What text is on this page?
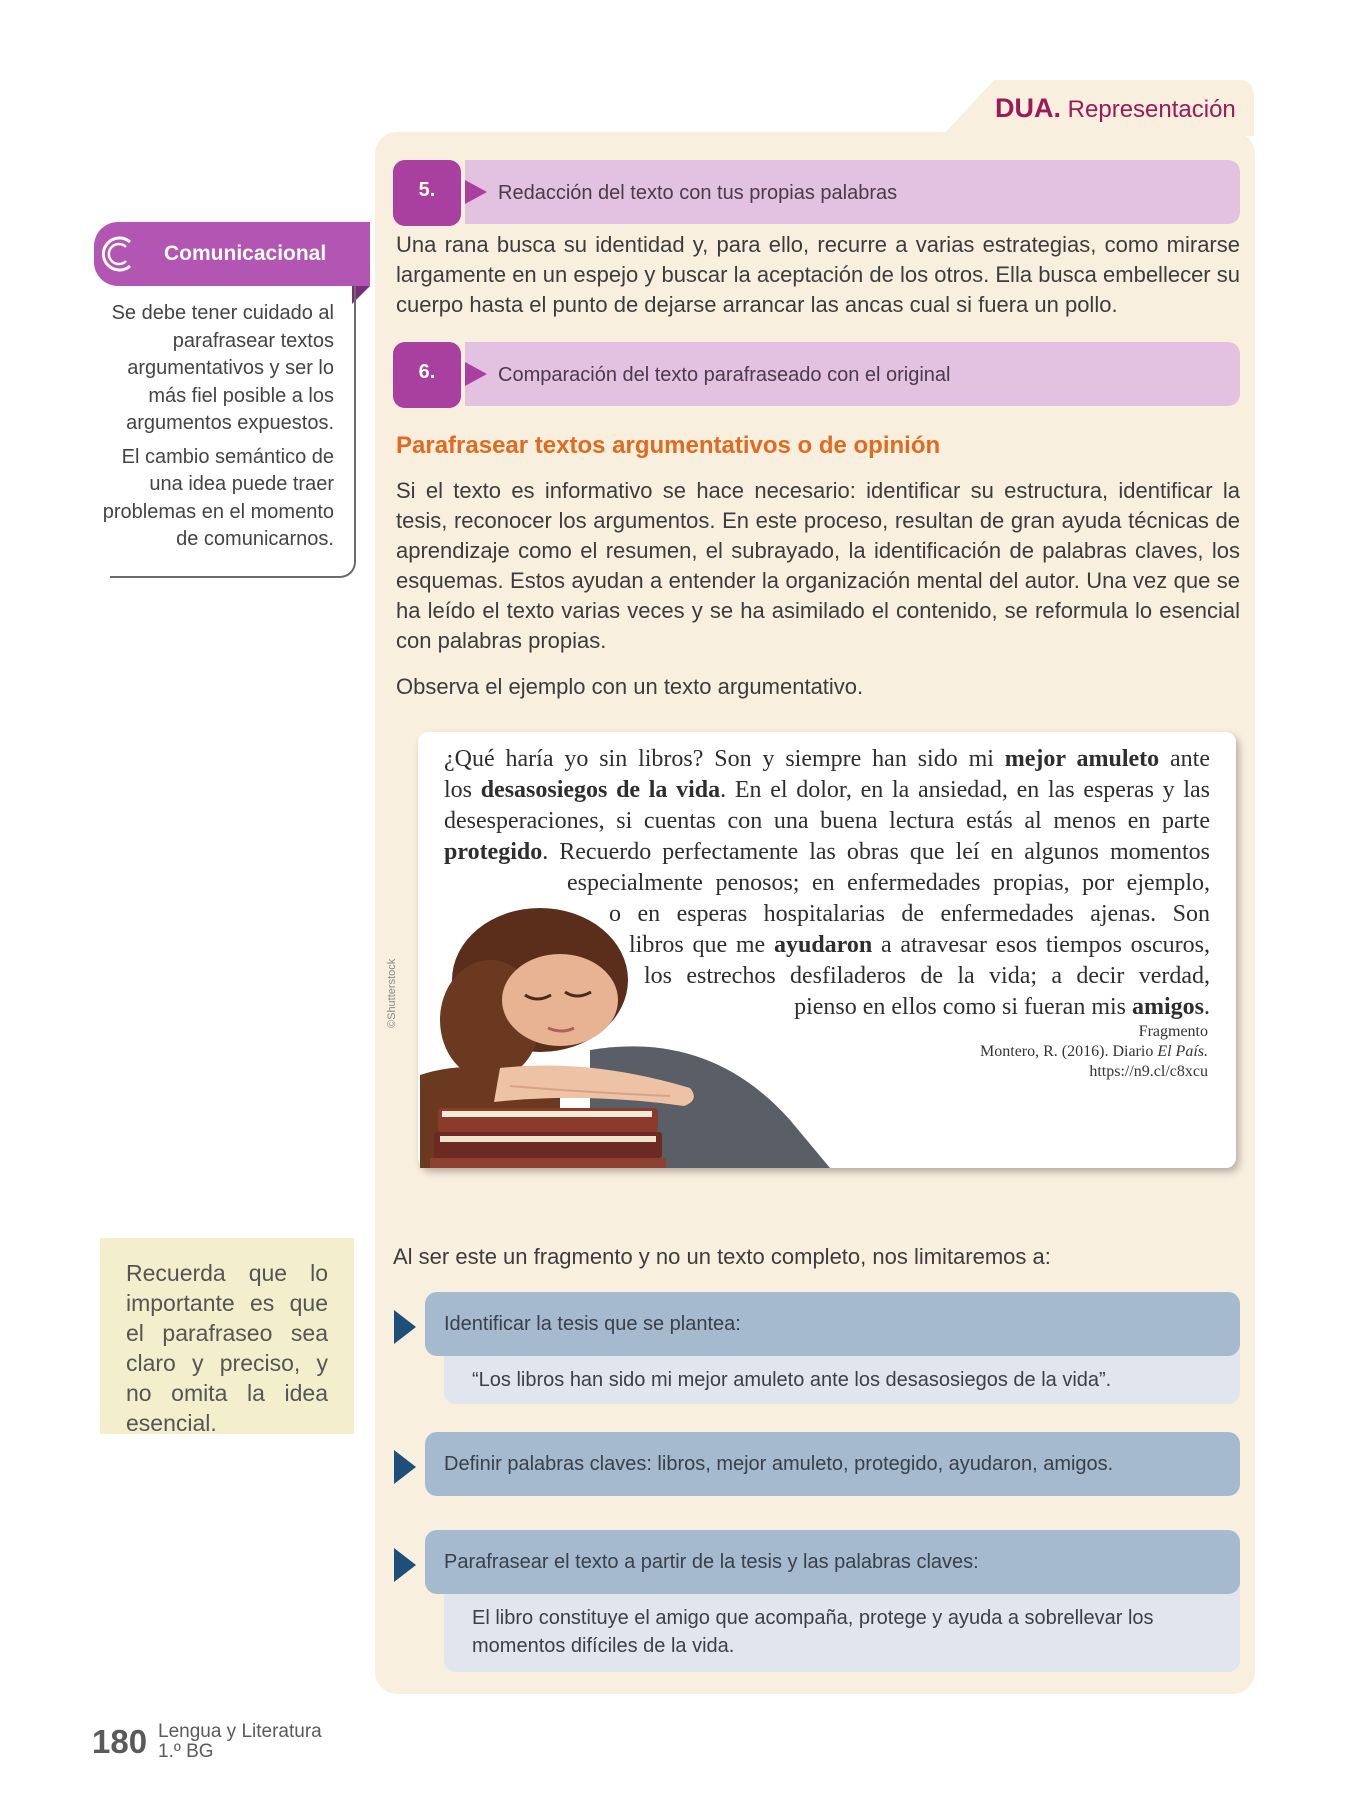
DUA. Representación
5.	Redacción del texto con tus propias palabras

Una rana busca su identidad y, para ello, recurre a varias estrategias, como mirarse largamente en un espejo y buscar la aceptación de los otros. Ella busca embellecer su cuerpo hasta el punto de dejarse arrancar las ancas cual si fuera un pollo.

6.	Comparación del texto parafraseado con el original
Parafrasear textos argumentativos o de opinión

Si el texto es informativo se hace necesario: identificar su estructura, identificar la tesis, reconocer los argumentos. En este proceso, resultan de gran ayuda técnicas de aprendizaje como el resumen, el subrayado, la identificación de palabras claves, los esquemas. Estos ayudan a entender la organización mental del autor. Una vez que se ha leído el texto varias veces y se ha asimilado el contenido, se reformula lo esencial con palabras propias.

Observa el ejemplo con un texto argumentativo.

¿Qué haría yo sin libros? Son y siempre han sido mi mejor amuleto ante
los desasosiegos de la vida. En el dolor, en la ansiedad, en las esperas y las
desesperaciones, si cuentas con una buena lectura estás al menos en parte
protegido. Recuerdo perfectamente las obras que leí en algunos momentos
especialmente penosos; en enfermedades propias, por ejemplo,
o en esperas hospitalarias de enfermedades ajenas. Son
libros que me ayudaron a atravesar esos tiempos oscuros,
los estrechos desfiladeros de la vida; a decir verdad,
pienso en ellos como si fueran mis amigos.
Fragmento
Montero, R. (2016). Diario El País.
https://n9.cl/c8xcu
©Shutterstock
Comunicacional

Se debe tener cuidado al parafrasear textos argumentativos y ser lo más fiel posible a los argumentos expuestos.

El cambio semántico de una idea puede traer problemas en el momento de comunicarnos.

Recuerda que lo importante es que el parafraseo sea claro y preciso, y no omita la idea esencial.
Al ser este un fragmento y no un texto completo, nos limitaremos a:
Identificar la tesis que se plantea:
“Los libros han sido mi mejor amuleto ante los desasosiegos de la vida”.
Definir palabras claves: libros, mejor amuleto, protegido, ayudaron, amigos.
Parafrasear el texto a partir de la tesis y las palabras claves:
El libro constituye el amigo que acompaña, protege y ayuda a sobrellevar los momentos difíciles de la vida.
180 Lengua y Literatura
1.º BG
